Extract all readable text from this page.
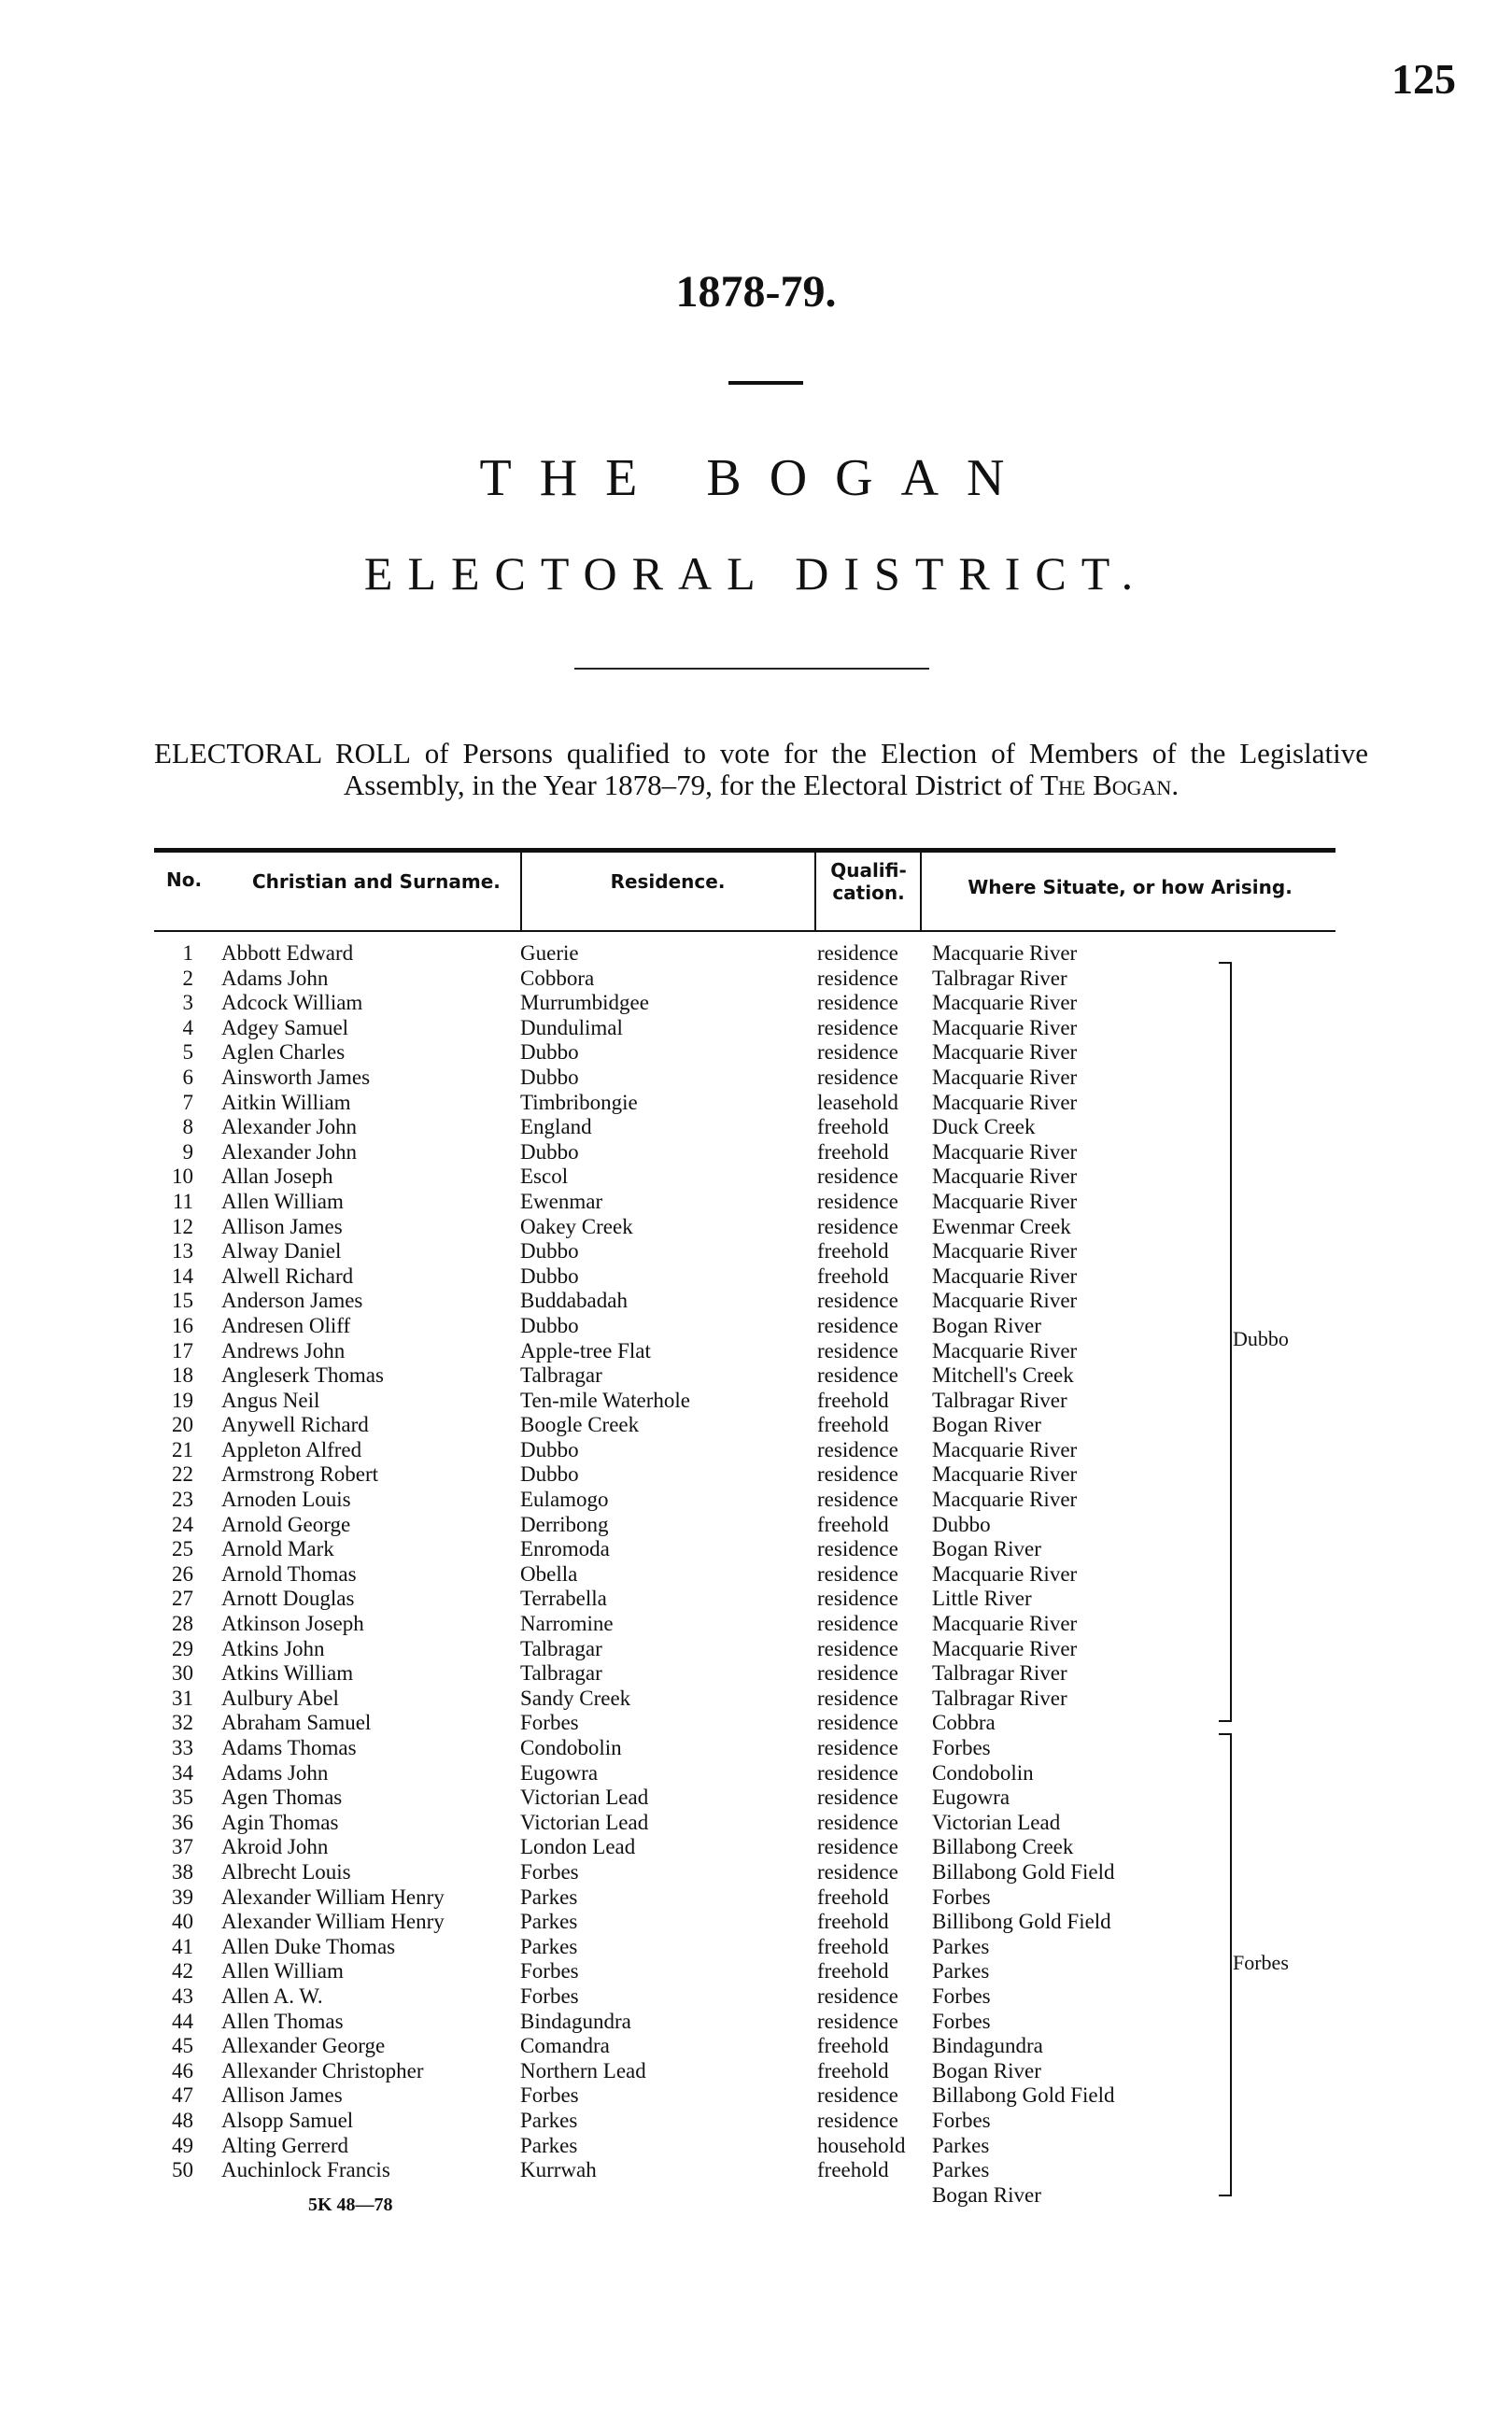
125
1878-79.
THE BOGAN
ELECTORAL DISTRICT.
ELECTORAL ROLL of Persons qualified to vote for the Election of Members of the Legislative Assembly, in the Year 1878–79, for the Electoral District of The Bogan.
No.	Christian and Surname.	Residence.	Qualifi-
cation.	Where Situate, or how Arising.
1 Abbott Edward	Guerie	residence Macquarie River
2 Adams John	Cobbora	residence Talbragar River
3 Adcock William	Murrumbidgee	residence Macquarie River
4 Adgey Samuel	Dundulimal	residence Macquarie River
5 Aglen Charles	Dubbo	residence Macquarie River
6 Ainsworth James	Dubbo	residence Macquarie River
7 Aitkin William	Timbribongie	leasehold Macquarie River
8 Alexander John	England	freehold Duck Creek
9 Alexander John	Dubbo	freehold Macquarie River
10 Allan Joseph	Escol	residence Macquarie River
11 Allen William	Ewenmar	residence Macquarie River
12 Allison James	Oakey Creek	residence Ewenmar Creek
13 Alway Daniel	Dubbo	freehold Macquarie River
14 Alwell Richard	Dubbo	freehold Macquarie River
15 Anderson James	Buddabadah	residence Macquarie River
16 Andresen Oliff	Dubbo	residence Bogan River
17 Andrews John	Apple-tree Flat	residence Macquarie River
18 Angleserk Thomas	Talbragar	residence Mitchell's Creek
19 Angus Neil	Ten-mile Waterhole	freehold Talbragar River
20 Anywell Richard	Boogle Creek	freehold Bogan River
21 Appleton Alfred	Dubbo	residence Macquarie River
22 Armstrong Robert	Dubbo	residence Macquarie River
23 Arnoden Louis	Eulamogo	residence Macquarie River
24 Arnold George	Derribong	freehold Dubbo
25 Arnold Mark	Enromoda	residence Bogan River
26 Arnold Thomas	Obella	residence Macquarie River
27 Arnott Douglas	Terrabella	residence Little River
28 Atkinson Joseph	Narromine	residence Macquarie River
29 Atkins John	Talbragar	residence Macquarie River
30 Atkins William	Talbragar	residence Talbragar River
31 Aulbury Abel	Sandy Creek	residence Talbragar River
32 Abraham Samuel	Forbes	residence Cobbra
33 Adams Thomas	Condobolin	residence Forbes
34 Adams John	Eugowra	residence Condobolin
35 Agen Thomas	Victorian Lead	residence Eugowra
36 Agin Thomas	Victorian Lead	residence Victorian Lead
37 Akroid John	London Lead	residence Billabong Creek
38 Albrecht Louis	Forbes	residence Billabong Gold Field
39 Alexander William Henry	Parkes	freehold Forbes
40 Alexander William Henry	Parkes	freehold Billibong Gold Field
41 Allen Duke Thomas	Parkes	freehold Parkes
42 Allen William	Forbes	freehold Parkes
43 Allen A. W.	Forbes	residence Forbes
44 Allen Thomas	Bindagundra	residence Forbes
45 Allexander George	Comandra	freehold Bindagundra
46 Allexander Christopher	Northern Lead	freehold Bogan River
47 Allison James	Forbes	residence Billabong Gold Field
48 Alsopp Samuel	Parkes	residence Forbes
49 Alting Gerrerd	Parkes	household Parkes
50 Auchinlock Francis	Kurrwah	freehold Parkes
Bogan River
Dubbo
Forbes
5K 48—78
